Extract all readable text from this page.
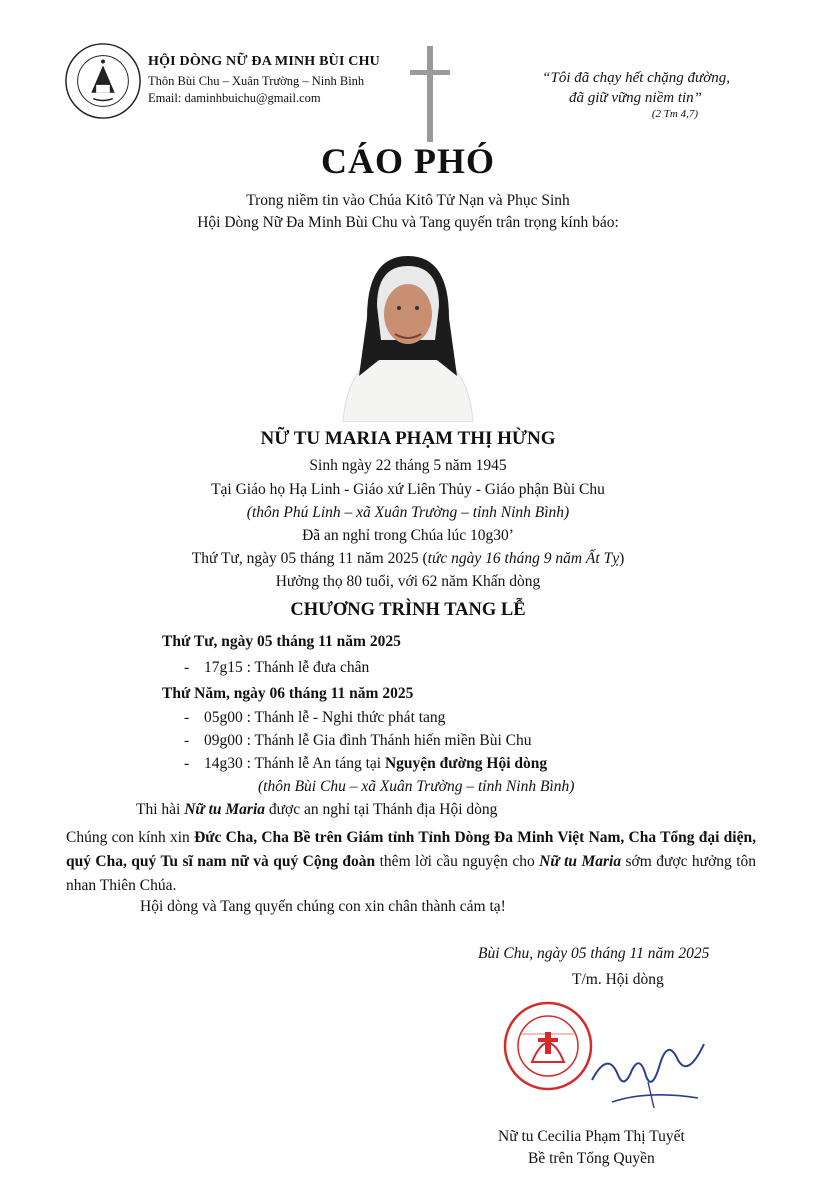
HỘI DÒNG NỮ ĐA MINH BÙI CHU
Thôn Bùi Chu – Xuân Trường – Ninh Bình
Email: daminhbuichu@gmail.com
“Tôi đã chạy hết chặng đường,
đã giữ vững niềm tin”
(2 Tm 4,7)
CÁO PHÓ
Trong niềm tin vào Chúa Kitô Tử Nạn và Phục Sinh
Hội Dòng Nữ Đa Minh Bùi Chu và Tang quyến trân trọng kính báo:
NỮ TU MARIA PHẠM THỊ HỪNG
Sinh ngày 22 tháng 5 năm 1945
Tại Giáo họ Hạ Linh - Giáo xứ Liên Thủy - Giáo phận Bùi Chu
(thôn Phú Linh – xã Xuân Trường – tỉnh Ninh Bình)
Đã an nghỉ trong Chúa lúc 10g30’
Thứ Tư, ngày 05 tháng 11 năm 2025 (tức ngày 16 tháng 9 năm Ất Tỵ)
Hưởng thọ 80 tuổi, với 62 năm Khấn dòng
CHƯƠNG TRÌNH TANG LỄ
Thứ Tư, ngày 05 tháng 11 năm 2025
- 17g15 : Thánh lễ đưa chân
Thứ Năm, ngày 06 tháng 11 năm 2025
- 05g00 : Thánh lễ - Nghi thức phát tang
- 09g00 : Thánh lễ Gia đình Thánh hiến miền Bùi Chu
- 14g30 : Thánh lễ An táng tại Nguyện đường Hội dòng
(thôn Bùi Chu – xã Xuân Trường – tỉnh Ninh Bình)
Thi hài Nữ tu Maria được an nghỉ tại Thánh địa Hội dòng
Chúng con kính xin Đức Cha, Cha Bề trên Giám tỉnh Tỉnh Dòng Đa Minh Việt Nam, Cha Tổng đại diện, quý Cha, quý Tu sĩ nam nữ và quý Cộng đoàn thêm lời cầu nguyện cho Nữ tu Maria sớm được hưởng tôn nhan Thiên Chúa.
Hội dòng và Tang quyến chúng con xin chân thành cảm tạ!
Bùi Chu, ngày 05 tháng 11 năm 2025
T/m. Hội dòng
Nữ tu Cecilia Phạm Thị Tuyết
Bề trên Tổng Quyền
